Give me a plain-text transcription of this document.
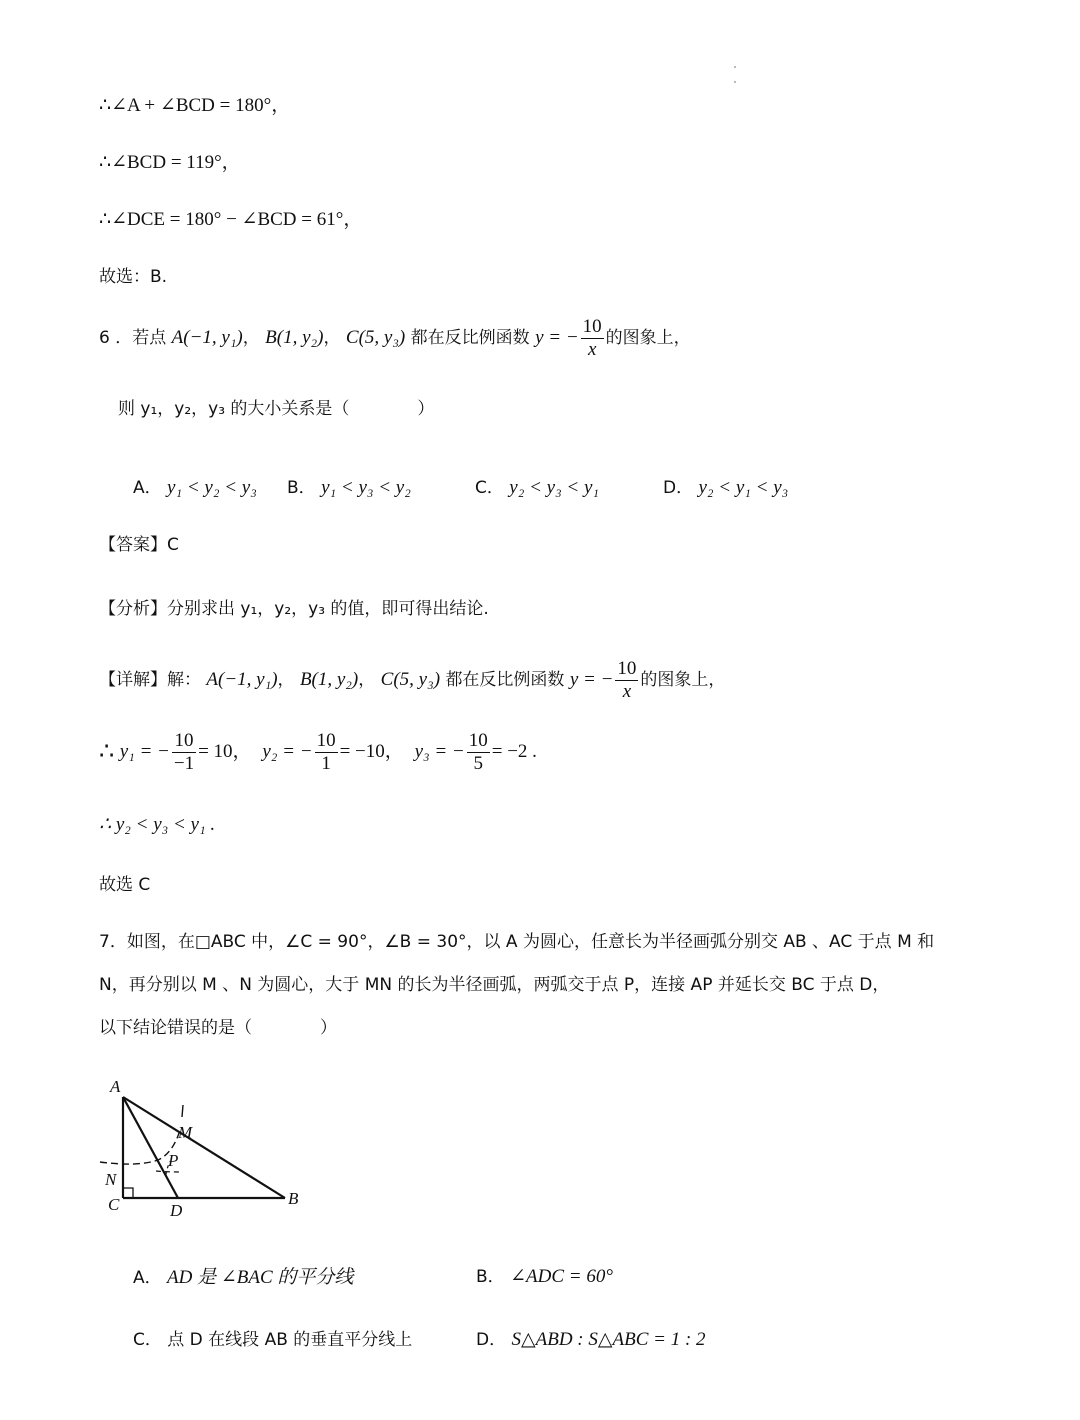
∴∠A + ∠BCD = 180°，
∴∠BCD = 119°，
∴∠DCE = 180° − ∠BCD = 61°，
故选：B.
6 ．若点 A(−1, y₁)， B(1, y₂)， C(5, y₃) 都在反比例函数 y = − $\frac{10}{x}$ 的图象上，
则 y₁，y₂，y₃ 的大小关系是（　　　　）
A． y₁ < y₂ < y₃ B． y₁ < y₃ < y₂	C． y₂ < y₃ < y₁	D． y₂ < y₁ < y₃
【答案】C
【分析】分别求出 y₁，y₂，y₃ 的值，即可得出结论.
【详解】解： A(−1, y₁)， B(1, y₂)， C(5, y₃) 都在反比例函数 y = − $\frac{10}{x}$ 的图象上，
∴ y₁ = − $\frac{10}{-1} = 10$， y₂ = − $\frac{10}{1} = -10$， y₃ = − $\frac{10}{5} = -2$ .
∴ y₂ < y₃ < y₁ .
故选 C
7．如图，在□ABC 中，∠C = 90°，∠B = 30°，以 A 为圆心，任意长为半径画弧分别交 AB 、AC 于点 M 和
N，再分别以 M 、N 为圆心，大于 MN 的长为半径画弧，两弧交于点 P，连接 AP 并延长交 BC 于点 D，
以下结论错误的是（　　　　）
A
M
P
N
C	D
B
A． AD 是 ∠BAC 的平分线	B． ∠ADC = 60°
C． 点 D 在线段 AB 的垂直平分线上	D． S△ABD : S△ABC = 1 : 2
